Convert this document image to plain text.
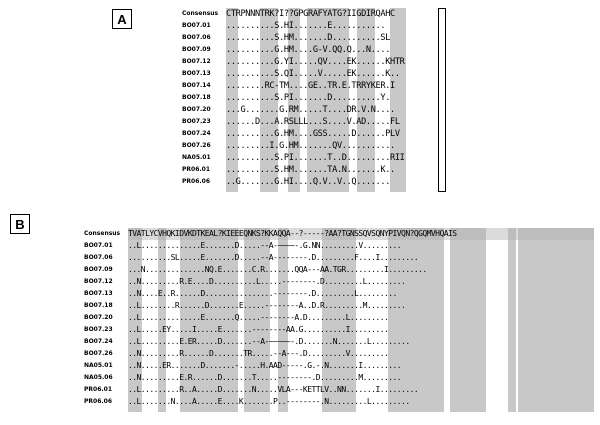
A
B
Consensus CTRPNNNTRK?I??GPGRAFYATG?IIGDIRQAHC
BO07.01 ..........S.HI.......E...........
BO07.06 ..........S.HM.......D..........SL
BO07.09 ..........G.HM....G-V.QQ.Q...N....
BO07.12 ..........G.YI.....QV....EK......KHTR
BO07.13 ..........S.QI.....V.....EK......K..
BO07.14 ........RC-TM....GE..TR.E.TRRYKER.I
BO07.18 ..........S.PI.......D..........Y.
BO07.20 ...G.......G.RM.....T....DR.V.N....
BO07.23 ......D...A.RSLLL...S....V.AD.....FL
BO07.24 ..........G.HM....GSS.....D......PLV
BO07.26 .........I.G.HM.......QV...........
NA05.01 ..........S.PI.......T..D.........RII
PR06.01 ..........S.HM.......TA.N.......K..
PR06.06 ..G.......G.HI....Q.V..V..Q.......
Consensus TVATLYCVHQKIDVKDTKEAL?KIEEEQNKS?KKAQQA--?-----?AA?TGNSSQVSQNYPIVQN?QGQMVHQAIS
BO07.01 ..L..............E.......D.....--A-~~~~-.G.NN.........V.........
BO07.06 ..........SL.....E.......D.....--A--------.D.........F....I.........
BO07.09 ...N..............NQ.E.......C.R.......QQA---AA.TGR.........I.........
BO07.12 ..N.........R.E....D..........L.....--------.D.........L.........
BO07.13 ..N....E..R......D................--------.D.........L.........
BO07.18 ..L........R......D.......E.....--------A..D.R.........M.........
BO07.20 ..L..............E.......Q.....--------A.D.........L.........
BO07.23 ..L.....EY.....I.....E.......--------AA.G..........I.........
BO07.24 ..L.........E.ER.....D.......--A-~~~~~-.D.......N.......L.........
BO07.26 ..N.........R......D.......TR.....--A---.D.........V.........
NA05.01 ..N.....ER.......D.......-.....H.AAD-----.G.-.N.......I.........
NA05.06 ..N.........E.R......D.......T.....--------.D.........M.........
PR06.01 ..L.........R..A.....D.......N.....VLA---KETTLV..NN.......I.........
PR06.06 ..L.......N....A.....E....K.......P..--------.N.........L.........
